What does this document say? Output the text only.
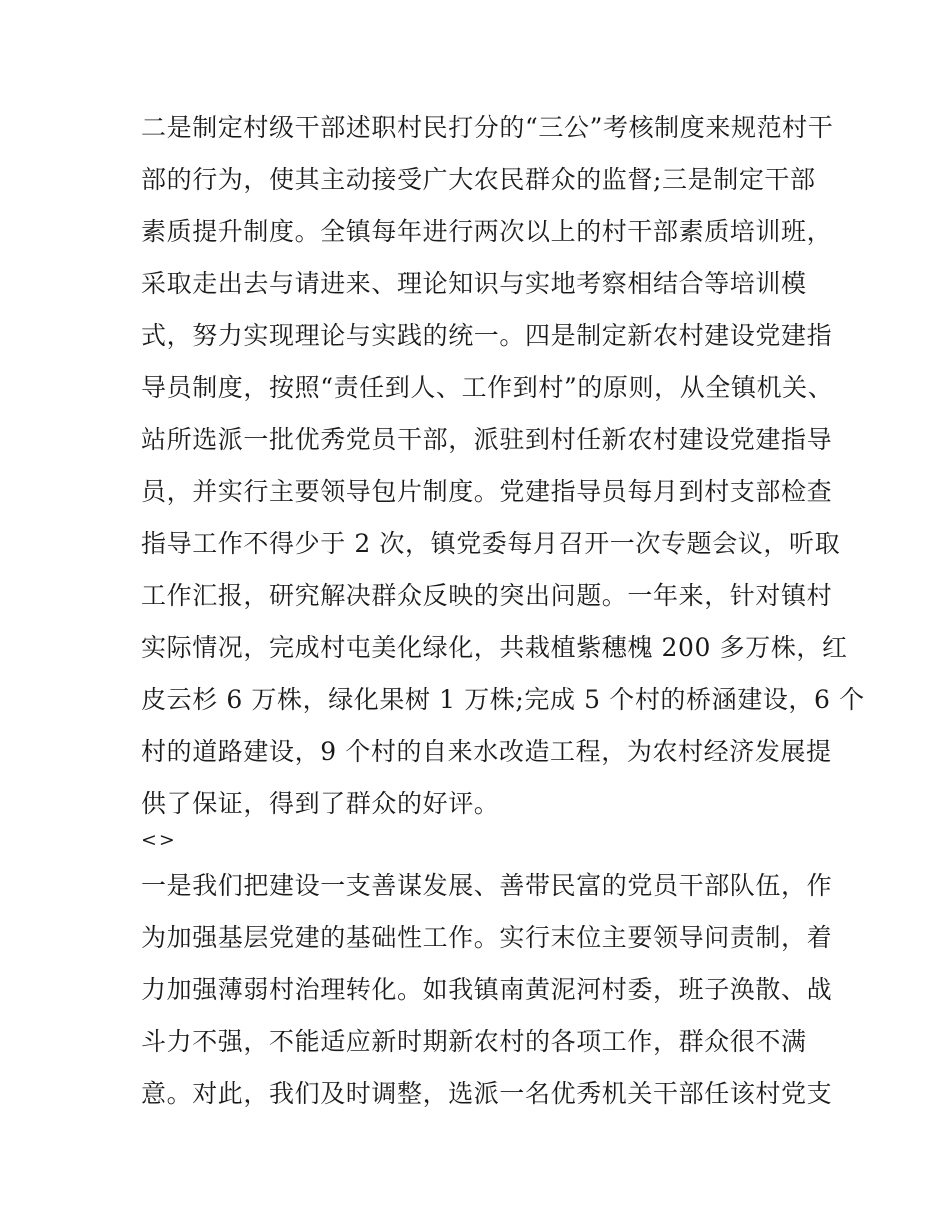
二是制定村级干部述职村民打分的“三公”考核制度来规范村干
部的行为，使其主动接受广大农民群众的监督;三是制定干部
素质提升制度。全镇每年进行两次以上的村干部素质培训班，
采取走出去与请进来、理论知识与实地考察相结合等培训模
式，努力实现理论与实践的统一。四是制定新农村建设党建指
导员制度，按照“责任到人、工作到村”的原则，从全镇机关、
站所选派一批优秀党员干部，派驻到村任新农村建设党建指导
员，并实行主要领导包片制度。党建指导员每月到村支部检查
指导工作不得少于 2 次，镇党委每月召开一次专题会议，听取
工作汇报，研究解决群众反映的突出问题。一年来，针对镇村
实际情况，完成村屯美化绿化，共栽植紫穗槐 200 多万株，红
皮云杉 6 万株，绿化果树 1 万株;完成 5 个村的桥涵建设，6 个
村的道路建设，9 个村的自来水改造工程，为农村经济发展提
供了保证，得到了群众的好评。
<>
一是我们把建设一支善谋发展、善带民富的党员干部队伍，作
为加强基层党建的基础性工作。实行末位主要领导问责制，着
力加强薄弱村治理转化。如我镇南黄泥河村委，班子涣散、战
斗力不强，不能适应新时期新农村的各项工作，群众很不满
意。对此，我们及时调整，选派一名优秀机关干部任该村党支
